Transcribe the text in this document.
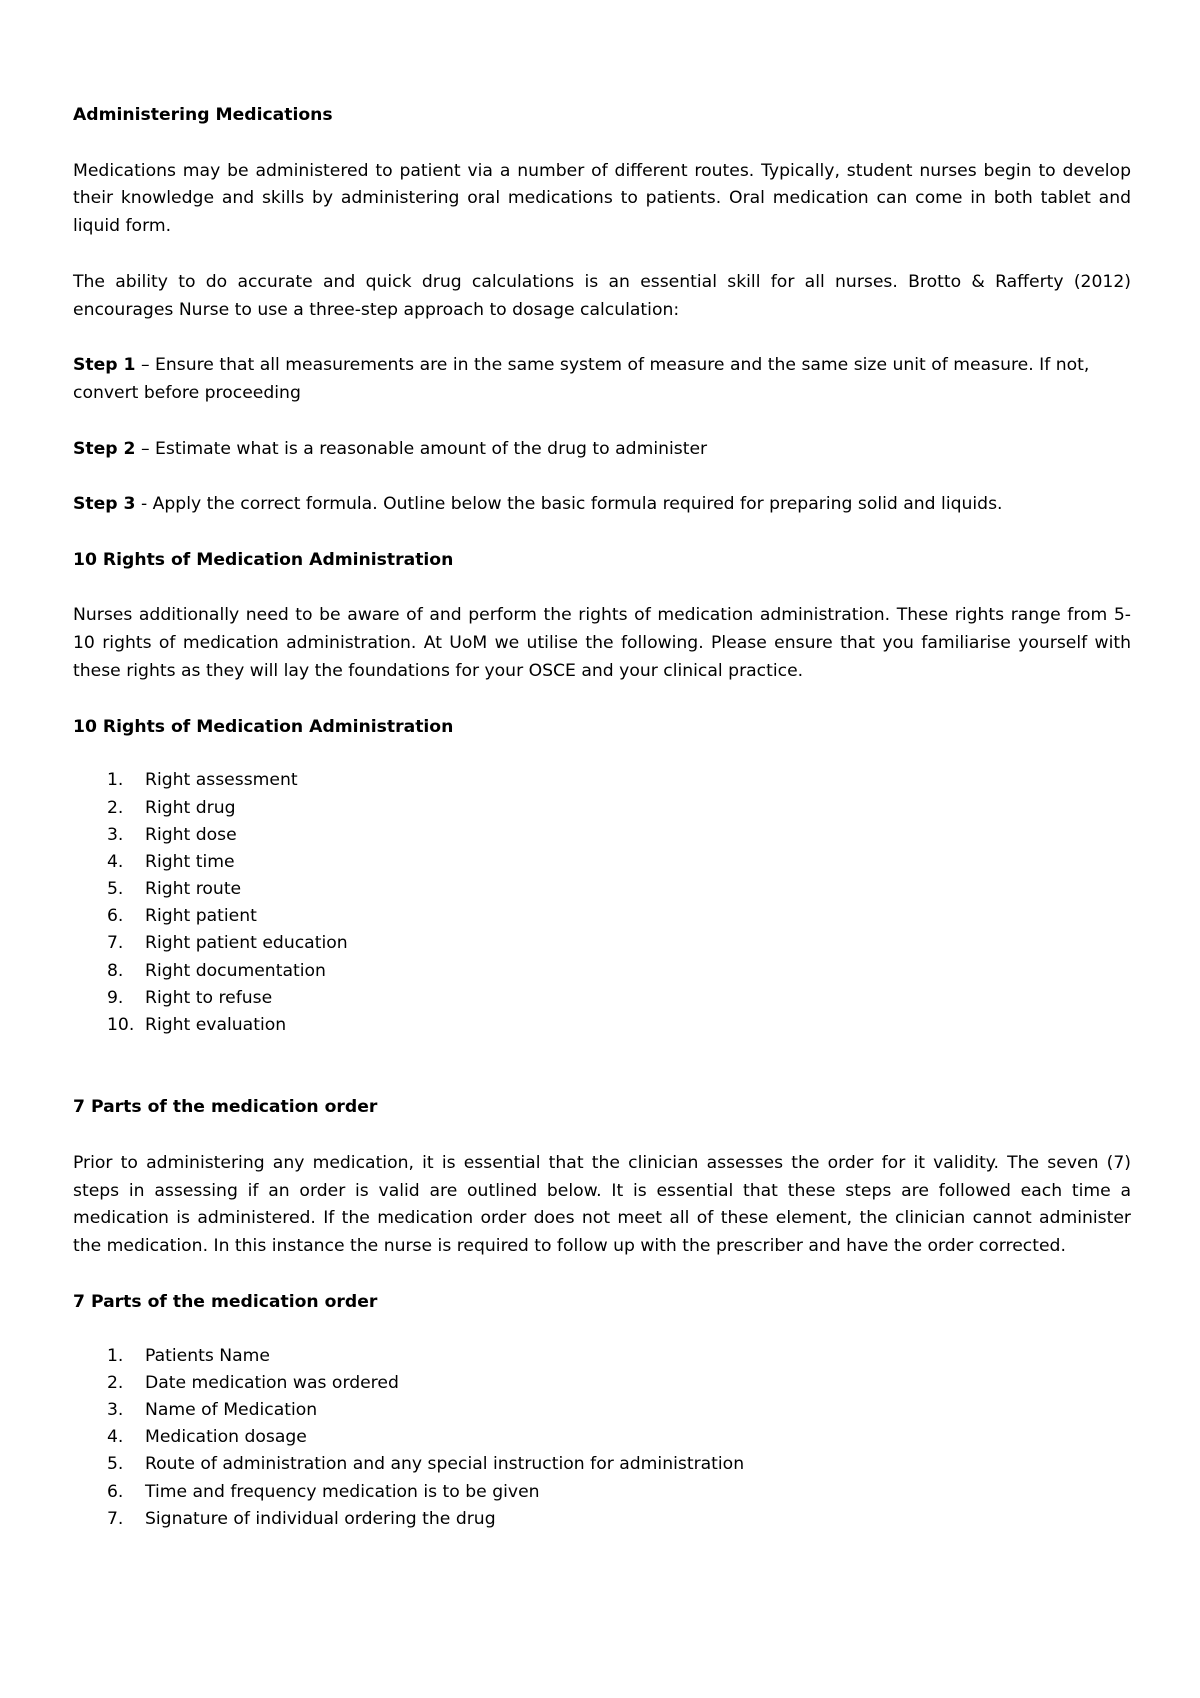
Administering Medications

Medications may be administered to patient via a number of different routes. Typically, student nurses begin to develop their knowledge and skills by administering oral medications to patients. Oral medication can come in both tablet and liquid form.

The ability to do accurate and quick drug calculations is an essential skill for all nurses. Brotto & Rafferty (2012) encourages Nurse to use a three-step approach to dosage calculation:

Step 1 – Ensure that all measurements are in the same system of measure and the same size unit of measure. If not, convert before proceeding

Step 2 – Estimate what is a reasonable amount of the drug to administer

Step 3 - Apply the correct formula. Outline below the basic formula required for preparing solid and liquids.

10 Rights of Medication Administration

Nurses additionally need to be aware of and perform the rights of medication administration. These rights range from 5-10 rights of medication administration. At UoM we utilise the following. Please ensure that you familiarise yourself with these rights as they will lay the foundations for your OSCE and your clinical practice.

10 Rights of Medication Administration

1. Right assessment
2. Right drug
3. Right dose
4. Right time
5. Right route
6. Right patient
7. Right patient education
8. Right documentation
9. Right to refuse
10. Right evaluation

7 Parts of the medication order

Prior to administering any medication, it is essential that the clinician assesses the order for it validity. The seven (7) steps in assessing if an order is valid are outlined below. It is essential that these steps are followed each time a medication is administered. If the medication order does not meet all of these element, the clinician cannot administer the medication. In this instance the nurse is required to follow up with the prescriber and have the order corrected.

7 Parts of the medication order

1. Patients Name
2. Date medication was ordered
3. Name of Medication
4. Medication dosage
5. Route of administration and any special instruction for administration
6. Time and frequency medication is to be given
7. Signature of individual ordering the drug
